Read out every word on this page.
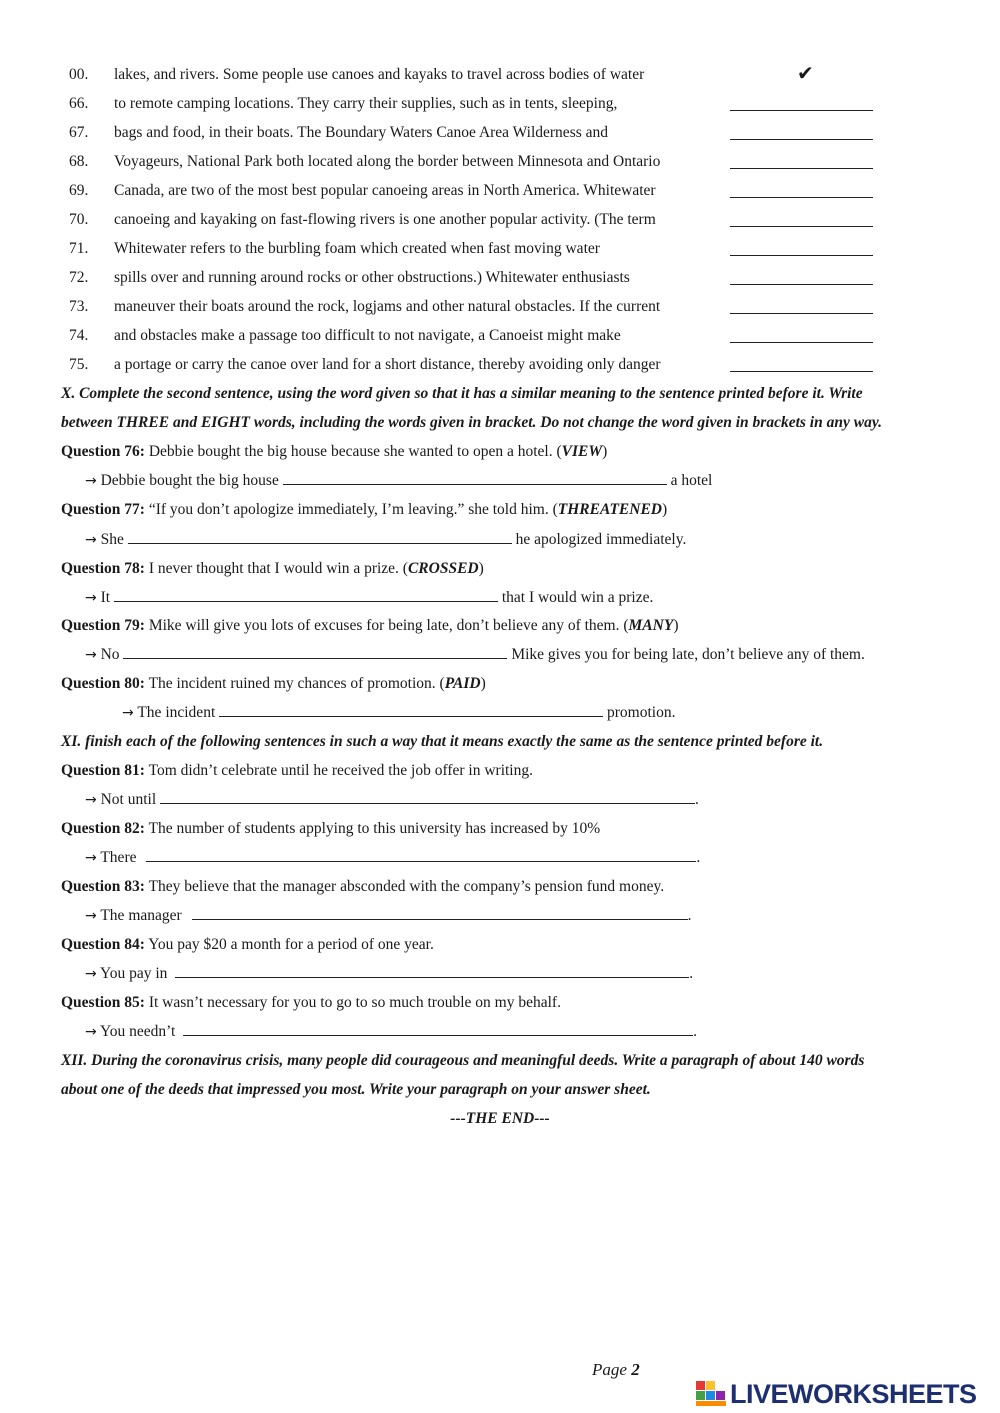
00. lakes, and rivers. Some people use canoes and kayaks to travel across bodies of water	✔
66. to remote camping locations. They carry their supplies, such as in tents, sleeping,
67. bags and food, in their boats. The Boundary Waters Canoe Area Wilderness and
68. Voyageurs, National Park both located along the border between Minnesota and Ontario
69. Canada, are two of the most best popular canoeing areas in North America. Whitewater
70. canoeing and kayaking on fast-flowing rivers is one another popular activity. (The term
71. Whitewater refers to the burbling foam which created when fast moving water
72. spills over and running around rocks or other obstructions.) Whitewater enthusiasts
73. maneuver their boats around the rock, logjams and other natural obstacles. If the current
74. and obstacles make a passage too difficult to not navigate, a Canoeist might make
75. a portage or carry the canoe over land for a short distance, thereby avoiding only danger
X. Complete the second sentence, using the word given so that it has a similar meaning to the sentence printed before it. Write
between THREE and EIGHT words, including the words given in bracket. Do not change the word given in brackets in any way.
Question 76: Debbie bought the big house because she wanted to open a hotel. (VIEW)
→ Debbie bought the big house	a hotel
Question 77: “If you don’t apologize immediately, I’m leaving.” she told him. (THREATENED)
→ She	he apologized immediately.
Question 78: I never thought that I would win a prize. (CROSSED)
→ It	that I would win a prize.
Question 79: Mike will give you lots of excuses for being late, don’t believe any of them. (MANY)
→ No	Mike gives you for being late, don’t believe any of them.
Question 80: The incident ruined my chances of promotion. (PAID)
→ The incident	promotion.
XI. finish each of the following sentences in such a way that it means exactly the same as the sentence printed before it.
Question 81: Tom didn’t celebrate until he received the job offer in writing.
→ Not until	.
Question 82: The number of students applying to this university has increased by 10%
→ There	.
Question 83: They believe that the manager absconded with the company’s pension fund money.
→ The manager	.
Question 84: You pay $20 a month for a period of one year.
→ You pay in	.
Question 85: It wasn’t necessary for you to go to so much trouble on my behalf.
→ You needn’t	.
XII. During the coronavirus crisis, many people did courageous and meaningful deeds. Write a paragraph of about 140 words
about one of the deeds that impressed you most. Write your paragraph on your answer sheet.
---THE END---
Page 2
LIVEWORKSHEETS
